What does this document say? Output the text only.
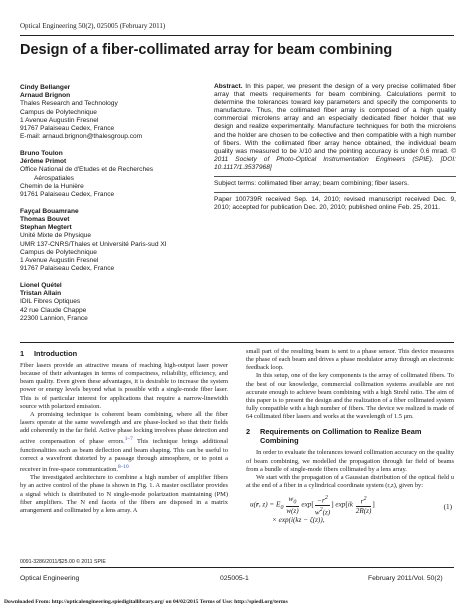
Optical Engineering 50(2), 025005 (February 2011)
Design of a fiber-collimated array for beam combining
Cindy Bellanger
Arnaud Brignon
Thales Research and Technology
Campus de Polytechnique
1 Avenue Augustin Fresnel
91767 Palaiseau Cedex, France
E-mail: arnaud.brignon@thalesgroup.com
Bruno Toulon
Jérôme Primot
Office National de d'Etudes et de Recherches
Aérospatiales
Chemin de la Hunière
91761 Palaiseau Cedex, France
Fayçal Bouamrane
Thomas Bouvet
Stephan Megtert
Unité Mixte de Physique
UMR 137-CNRS/Thales et Université Paris-sud XI
Campus de Polytechnique
1 Avenue Augustin Fresnel
91767 Palaiseau Cedex, France
Lionel Quétel
Tristan Allain
IDIL Fibres Optiques
42 rue Claude Chappe
22300 Lannion, France
Abstract. In this paper, we present the design of a very precise collimated fiber array that meets requirements for beam combining. Calculations permit to determine the tolerances toward key parameters and specify the components to manufacture. Thus, the collimated fiber array is composed of a high quality commercial microlens array and an especially dedicated fiber holder that we design and realize experimentally. Manufacture techniques for both the microlens and the holder are chosen to be collective and then compatible with a high number of fibers. With the collimated fiber array hence obtained, the individual beam quality was measured to be λ/10 and the pointing accuracy is under 0.6 mrad. © 2011 Society of Photo-Optical Instrumentation Engineers (SPIE). [DOI: 10.1117/1.3537968]
Subject terms: collimated fiber array; beam combining; fiber lasers.
Paper 100739R received Sep. 14, 2010; revised manuscript received Dec. 9, 2010; accepted for publication Dec. 20, 2010; published online Feb. 25, 2011.
1 Introduction

Fiber lasers provide an attractive means of reaching high-output laser power because of their advantages in terms of compactness, reliability, efficiency, and beam quality. Even given these advantages, it is desirable to increase the system power or energy levels beyond what is possible with a single-mode fiber laser. This is of particular interest for applications that require a narrow-linewidth source with polarized emission.

A promising technique is coherent beam combining, where all the fiber lasers operate at the same wavelength and are phase-locked so that their fields add coherently in the far field. Active phase locking involves phase detection and active compensation of phase errors.$^{1-7}$ This technique brings additional functionalities such as beam deflection and beam shaping. This can be useful to correct a wavefront distorted by a passage through atmosphere, or to point a receiver in free-space communication.$^{8-10}$

The investigated architecture to combine a high number of amplifier fibers by an active control of the phase is shown in Fig. 1. A master oscillator provides a signal which is distributed to N single-mode polarization maintaining (PM) fiber amplifiers. The N end facets of the fibers are disposed in a matrix arrangement and collimated by a lens array. A

small part of the resulting beam is sent to a phase sensor. This device measures the phase of each beam and drives a phase modulator array through an electronic feedback loop.

In this setup, one of the key components is the array of collimated fibers. To the best of our knowledge, commercial collimation systems available are not accurate enough to achieve beam combining with a high Strehl ratio. The aim of this paper is to present the design and the realization of a fiber collimated system fully compatible with a high number of fibers. The device we realized is made of 64 collimated fiber lasers and works at the wavelength of 1.5 μm.

2 Requirements on Collimation to Realize Beam
Combining

In order to evaluate the tolerances toward collimation accuracy on the quality of beam combining, we modelled the propagation through far field of beams from a bundle of single-mode fibers collimated by a lens array.

We start with the propagation of a Gaussian distribution of the optical field u at the end of a fiber in a cylindrical coordinate system (r,z), given by:

u(r, $z) = E_0 \frac{w_0}{w(z)} \exp[ \frac{-r^2}{w^2(z)}$ ] $\exp[ik \frac{r^2}{2R(z)}$ ]
× exp(i(kz − ζ(z)),
(1)
0091-3286/2011/$25.00 © 2011 SPIE
Optical Engineering	025005-1	February 2011/Vol. 50(2)
Downloaded From: http://opticalengineering.spiedigitallibrary.org/ on 04/02/2015 Terms of Use: http://spiedl.org/terms
